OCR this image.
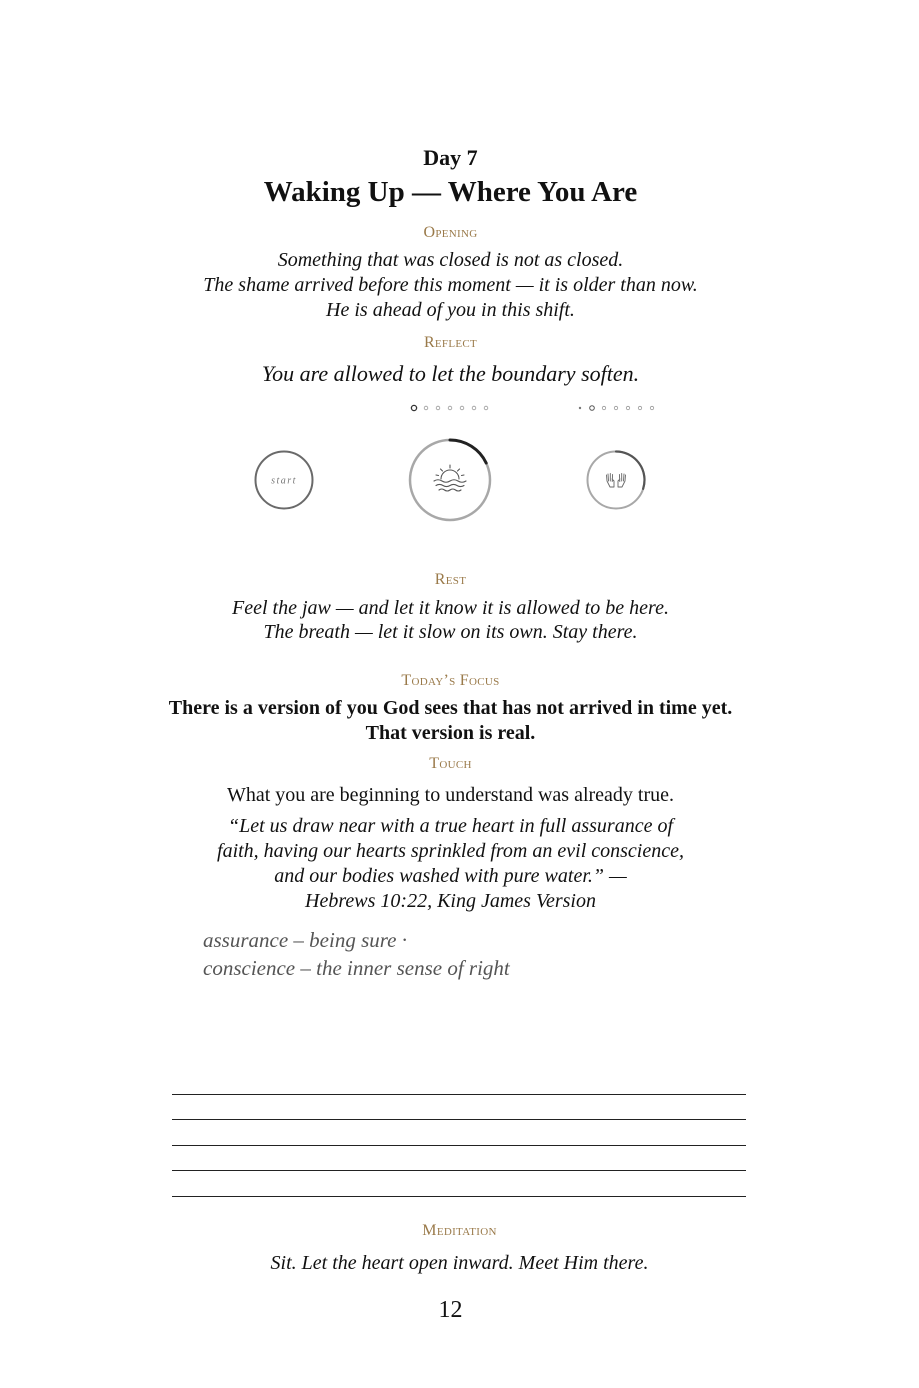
Day 7
Waking Up — Where You Are
Opening
Something that was closed is not as closed.
The shame arrived before this moment — it is older than now.
He is ahead of you in this shift.
Reflect
You are allowed to let the boundary soften.
start
Rest
Feel the jaw — and let it know it is allowed to be here.
The breath — let it slow on its own. Stay there.
Today’s Focus
There is a version of you God sees that has not arrived in time yet.
That version is real.
Touch
What you are beginning to understand was already true.
“Let us draw near with a true heart in full assurance of
faith, having our hearts sprinkled from an evil conscience,
and our bodies washed with pure water.” —
Hebrews 10:22, King James Version
assurance – being sure ·
conscience – the inner sense of right
Meditation
Sit. Let the heart open inward. Meet Him there.
12
